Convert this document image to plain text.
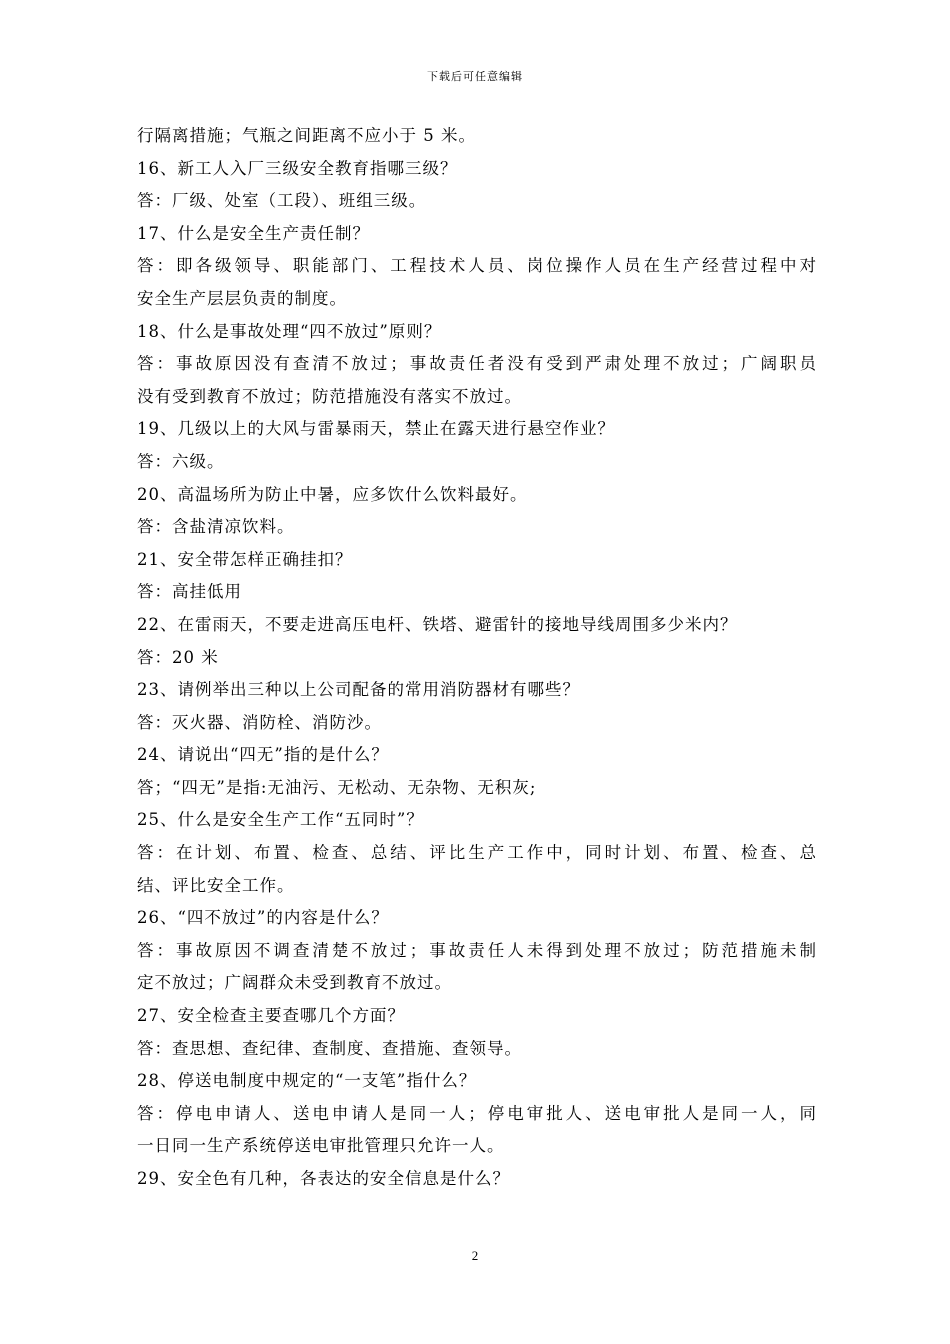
下载后可任意编辑
行隔离措施；气瓶之间距离不应小于 5 米。
16、新工人入厂三级安全教育指哪三级？
答：厂级、处室（工段）、班组三级。
17、什么是安全生产责任制？
答：即各级领导、职能部门、工程技术人员、岗位操作人员在生产经营过程中对
安全生产层层负责的制度。
18、什么是事故处理“四不放过”原则？
答：事故原因没有查清不放过；事故责任者没有受到严肃处理不放过；广阔职员
没有受到教育不放过；防范措施没有落实不放过。
19、几级以上的大风与雷暴雨天，禁止在露天进行悬空作业？
答：六级。
20、高温场所为防止中暑，应多饮什么饮料最好。
答：含盐清凉饮料。
21、安全带怎样正确挂扣？
答：高挂低用
22、在雷雨天，不要走进高压电杆、铁塔、避雷针的接地导线周围多少米内？
答：20 米
23、请例举出三种以上公司配备的常用消防器材有哪些？
答：灭火器、消防栓、消防沙。
24、请说出“四无”指的是什么？
答；“四无”是指:无油污、无松动、无杂物、无积灰;
25、什么是安全生产工作“五同时”？
答：在计划、布置、检查、总结、评比生产工作中，同时计划、布置、检查、总
结、评比安全工作。
26、“四不放过”的内容是什么？
答：事故原因不调查清楚不放过；事故责任人未得到处理不放过；防范措施未制
定不放过；广阔群众未受到教育不放过。
27、安全检查主要查哪几个方面？
答：查思想、查纪律、查制度、查措施、查领导。
28、停送电制度中规定的“一支笔”指什么？
答：停电申请人、送电申请人是同一人；停电审批人、送电审批人是同一人，同
一日同一生产系统停送电审批管理只允许一人。
29、安全色有几种，各表达的安全信息是什么？
2
